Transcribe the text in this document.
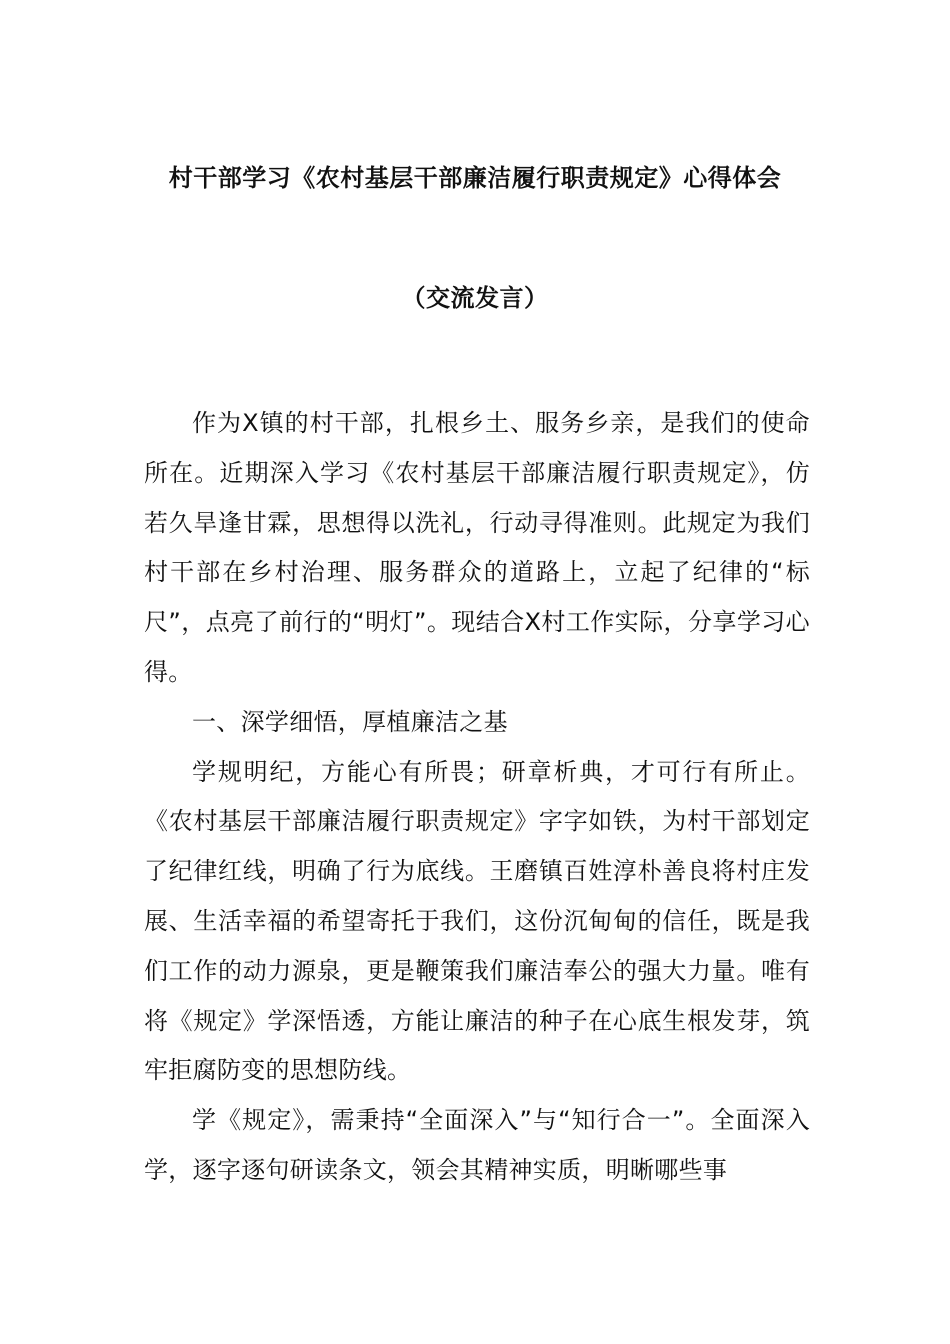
村干部学习《农村基层干部廉洁履行职责规定》心得体会
（交流发言）

作为X镇的村干部，扎根乡土、服务乡亲，是我们的使命所在。近期深入学习《农村基层干部廉洁履行职责规定》，仿若久旱逢甘霖，思想得以洗礼，行动寻得准则。此规定为我们村干部在乡村治理、服务群众的道路上，立起了纪律的“标尺”，点亮了前行的“明灯”。现结合X村工作实际，分享学习心得。

一、深学细悟，厚植廉洁之基

学规明纪，方能心有所畏；研章析典，才可行有所止。《农村基层干部廉洁履行职责规定》字字如铁，为村干部划定了纪律红线，明确了行为底线。王磨镇百姓淳朴善良将村庄发展、生活幸福的希望寄托于我们，这份沉甸甸的信任，既是我们工作的动力源泉，更是鞭策我们廉洁奉公的强大力量。唯有将《规定》学深悟透，方能让廉洁的种子在心底生根发芽，筑牢拒腐防变的思想防线。

学《规定》，需秉持“全面深入”与“知行合一”。全面深入学，逐字逐句研读条文，领会其精神实质，明晰哪些事
